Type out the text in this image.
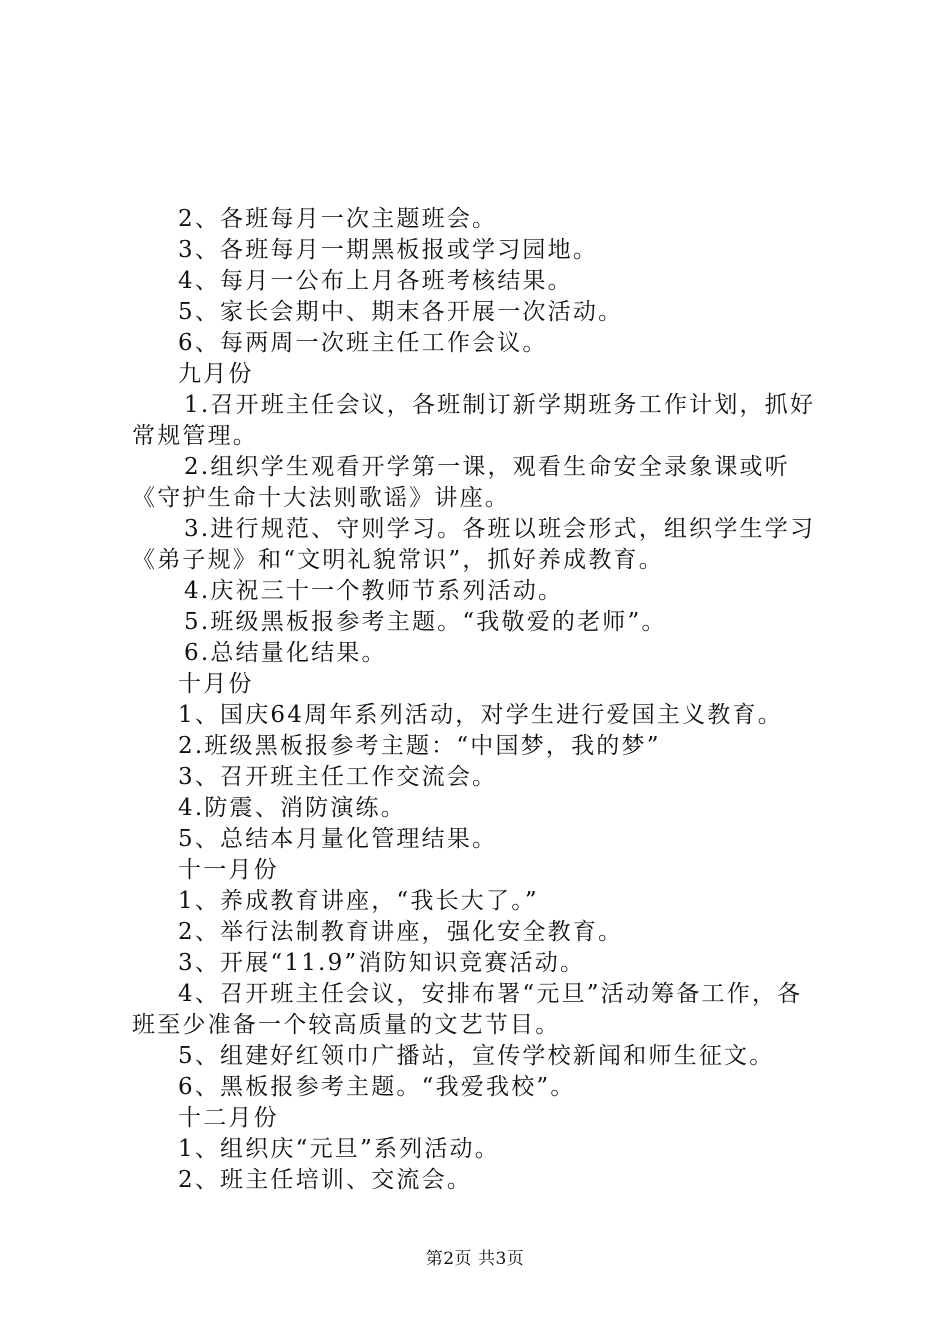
2、各班每月一次主题班会。
3、各班每月一期黑板报或学习园地。
4、每月一公布上月各班考核结果。
5、家长会期中、期末各开展一次活动。
6、每两周一次班主任工作会议。
九月份
1.召开班主任会议，各班制订新学期班务工作计划，抓好
常规管理。
2.组织学生观看开学第一课，观看生命安全录象课或听
《守护生命十大法则歌谣》讲座。
3.进行规范、守则学习。各班以班会形式，组织学生学习
《弟子规》和“文明礼貌常识”，抓好养成教育。
4.庆祝三十一个教师节系列活动。
5.班级黑板报参考主题。“我敬爱的老师”。
6.总结量化结果。
十月份
1、国庆64周年系列活动，对学生进行爱国主义教育。
2.班级黑板报参考主题：“中国梦，我的梦”
3、召开班主任工作交流会。
4.防震、消防演练。
5、总结本月量化管理结果。
十一月份
1、养成教育讲座，“我长大了。”
2、举行法制教育讲座，强化安全教育。
3、开展“11.9”消防知识竞赛活动。
4、召开班主任会议，安排布署“元旦”活动筹备工作，各
班至少准备一个较高质量的文艺节目。
5、组建好红领巾广播站，宣传学校新闻和师生征文。
6、黑板报参考主题。“我爱我校”。
十二月份
1、组织庆“元旦”系列活动。
2、班主任培训、交流会。
第2页 共3页
